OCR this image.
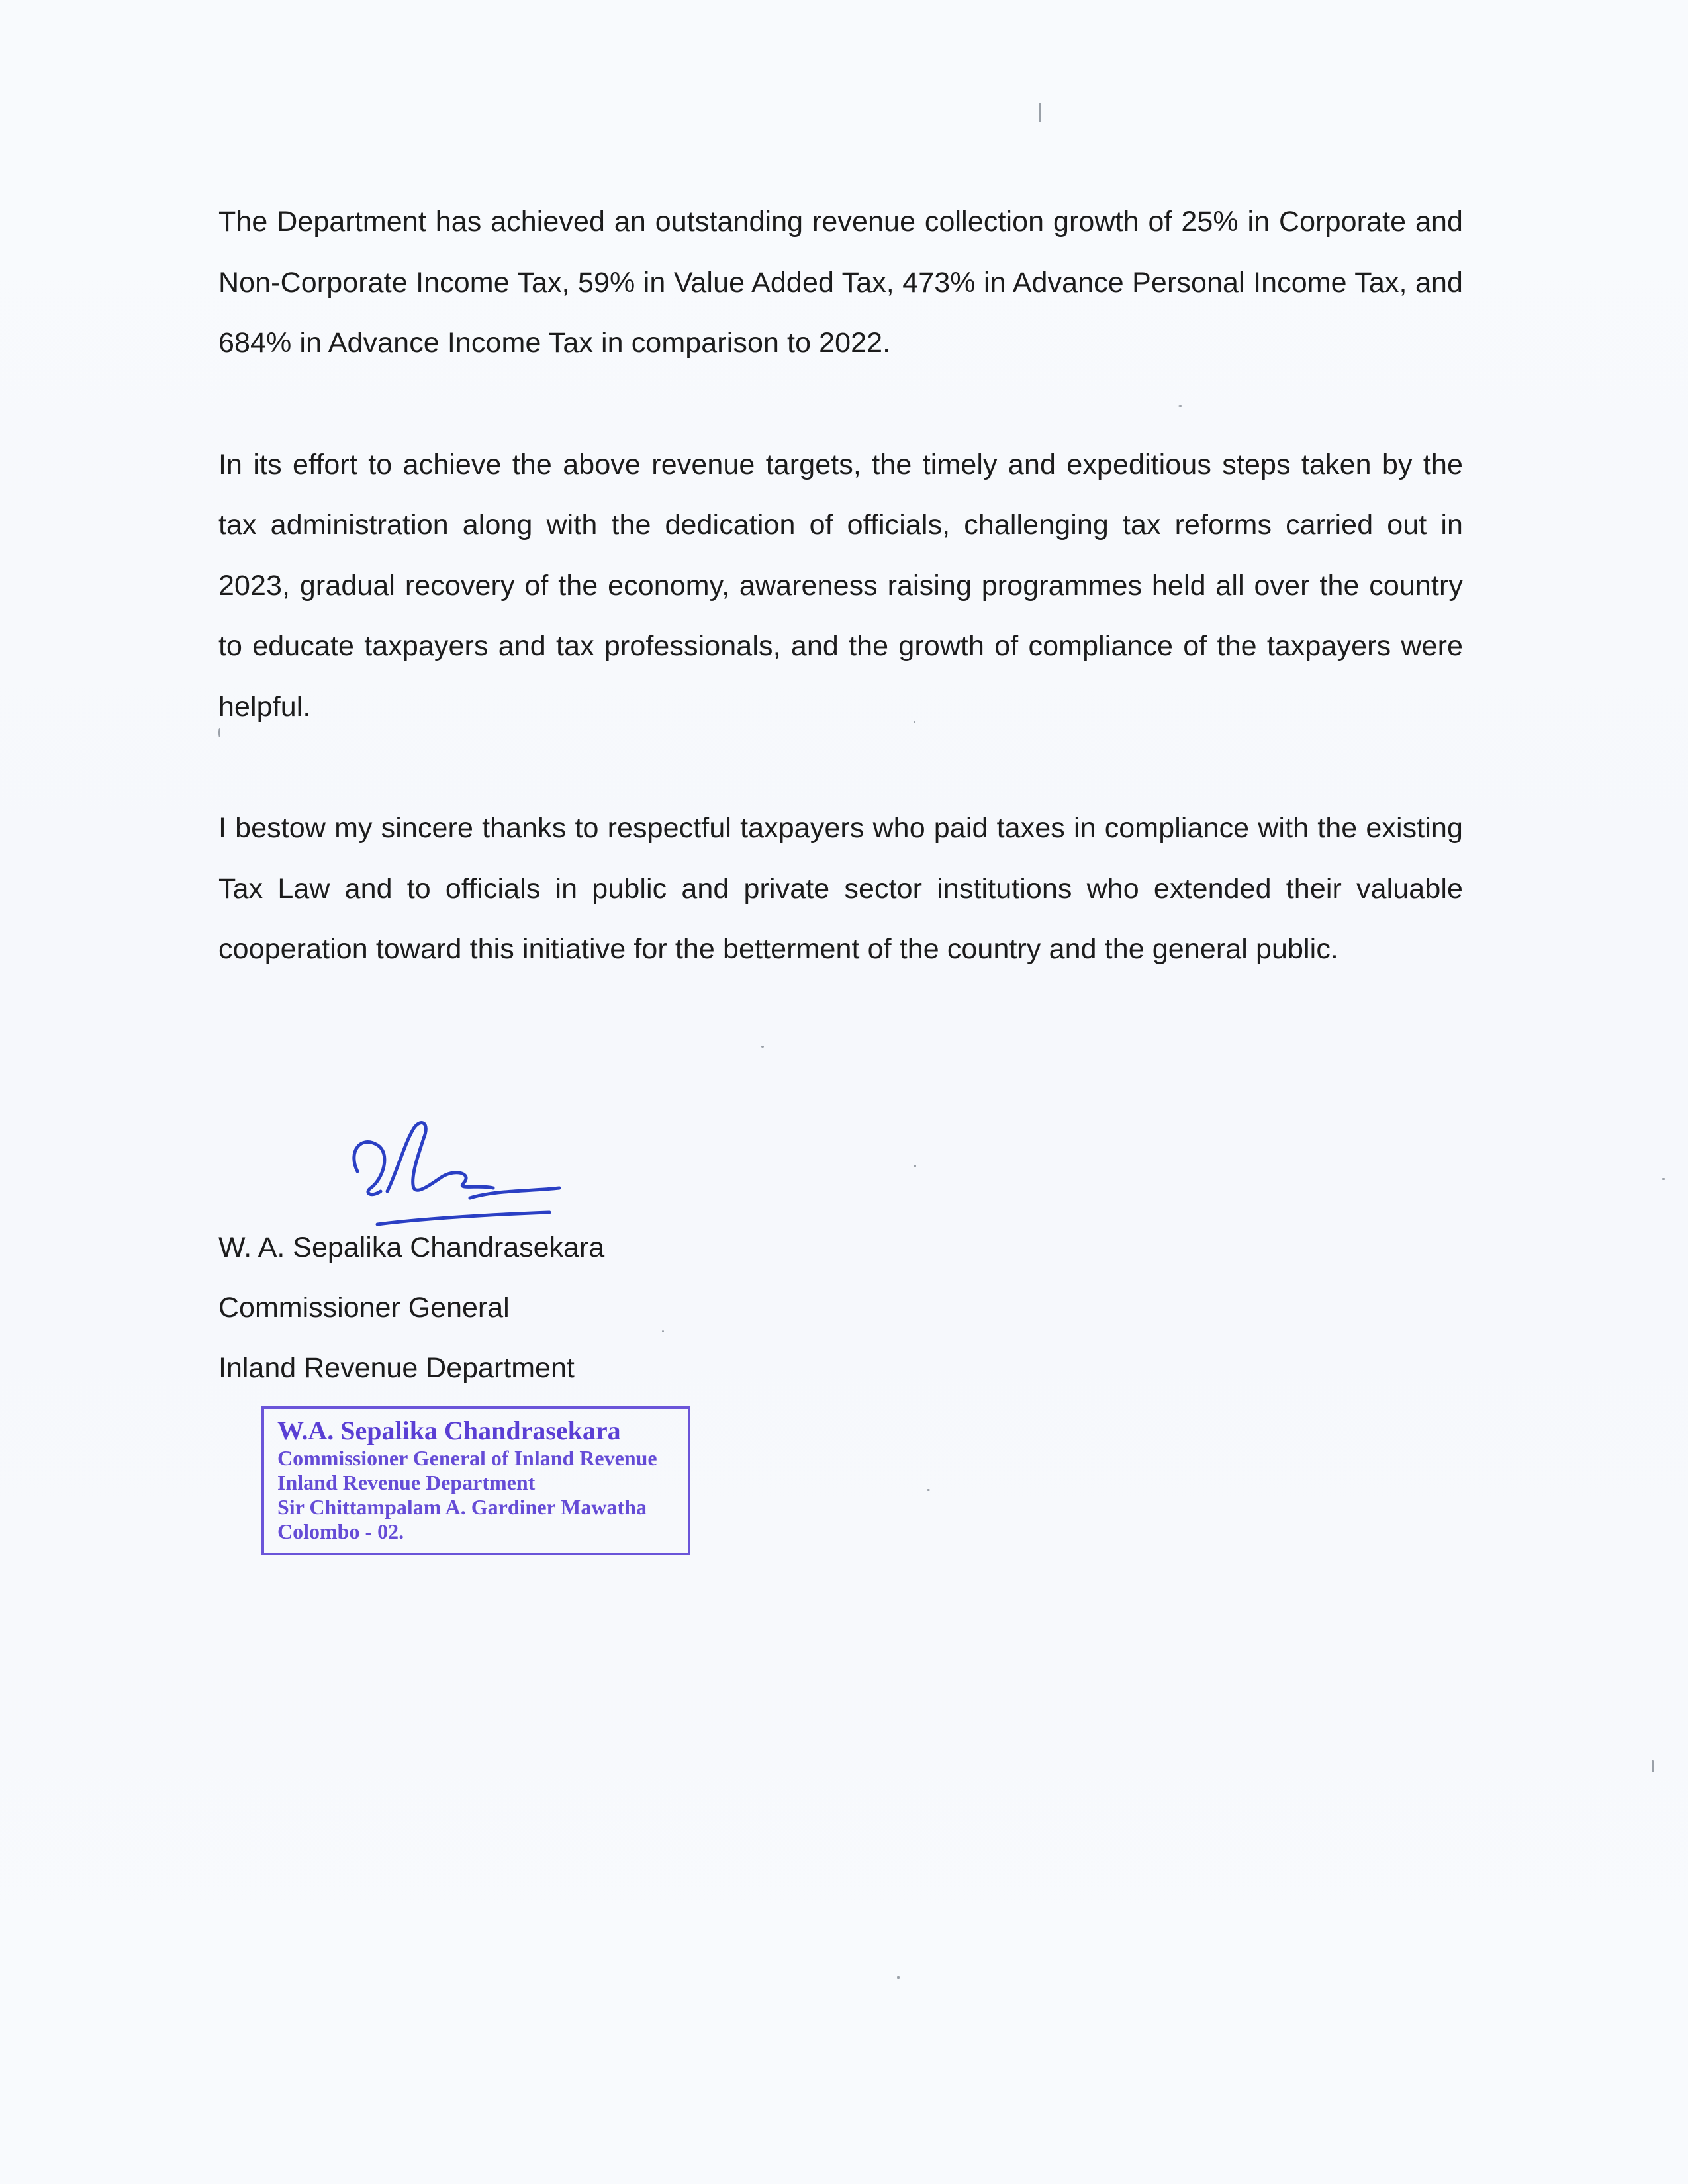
The Department has achieved an outstanding revenue collection growth of 25% in Corporate and Non-Corporate Income Tax, 59% in Value Added Tax, 473% in Advance Personal Income Tax, and 684% in Advance Income Tax in comparison to 2022.

In its effort to achieve the above revenue targets, the timely and expeditious steps taken by the tax administration along with the dedication of officials, challenging tax reforms carried out in 2023, gradual recovery of the economy, awareness raising programmes held all over the country to educate taxpayers and tax professionals, and the growth of compliance of the taxpayers were helpful.

I bestow my sincere thanks to respectful taxpayers who paid taxes in compliance with the existing Tax Law and to officials in public and private sector institutions who extended their valuable cooperation toward this initiative for the betterment of the country and the general public.

W. A. Sepalika Chandrasekara
Commissioner General
Inland Revenue Department
W.A. Sepalika Chandrasekara
Commissioner General of Inland Revenue
Inland Revenue Department
Sir Chittampalam A. Gardiner Mawatha
Colombo - 02.
